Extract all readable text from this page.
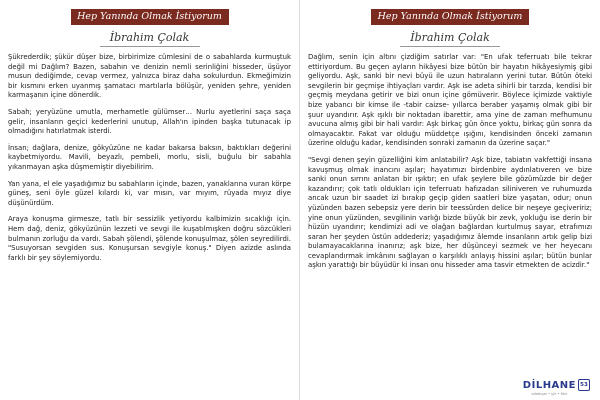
Hep Yanında Olmak İstiyorum
İbrahim Çolak

Şükrederdik; şükür düşer bize, birbirimize cümlesini de o sabahlarda kurmuştuk değil mi Dağlım? Bazen, sabahın ve denizin nemli serinliğini hisseder, üşüyor musun dediğimde, cevap vermez, yalnızca biraz daha sokulurdun. Ekmeğimizin bir kısmını erken uyanmış şamatacı martılarla bölüşür, yeniden şehre, yeniden karmaşanın içine dönerdik.

Sabah; yeryüzüne umutla, merhametle gülümser… Nurlu ayetlerini saça saça gelir, insanların geçici kederlerini unutup, Allah'ın ipinden başka tutunacak ip olmadığını hatırlatmak isterdi.

İnsan; dağlara, denize, gökyüzüne ne kadar bakarsa baksın, baktıkları değerini kaybetmiyordu. Mavili, beyazlı, pembeli, morlu, sisli, buğulu bir sabahla yıkanmayan aşka düşmemiştir diyebilirim.

Yan yana, el ele yaşadığımız bu sabahların içinde, bazen, yanaklarına vuran körpe güneş, seni öyle güzel kılardı ki, var mısın, var mıyım, rüyada mıyız diye düşünürdüm.

Araya konuşma girmesze, tatlı bir sessizlik yetiyordu kalbimizin sıcaklığı için. Hem dağ, deniz, gökyüzünün lezzeti ve sevgi ile kuşatılmışken doğru sözcükleri bulmanın zorluğu da vardı. Sabah şölendi, şölende konuşulmaz, şölen seyredilirdi. "Susuyorsan sevgiden sus. Konuşursan sevgiyle konuş." Diyen azizde aslında farklı bir şey söylemiyordu.

Hep Yanında Olmak İstiyorum
İbrahim Çolak

Dağlım, senin için altını çizdiğim satırlar var: "En ufak teferruatı bile tekrar ettiriyordum. Bu geçen ayların hikâyesi bize bütün bir hayatın hikâyesiymiş gibi geliyordu. Aşk, sanki bir nevi büyü ile uzun hatıraların yerini tutar. Bütün öteki sevgilerin bir geçmişe ihtiyaçları vardır. Aşk ise adeta sihirli bir tarzda, kendisi bir geçmiş meydana getirir ve bizi onun içine gömüverir. Böylece içimizde vaktiyle bize yabancı bir kimse ile -tabir caizse- yıllarca beraber yaşamış olmak gibi bir şuur uyandırır. Aşk ışıklı bir noktadan ibarettir, ama yine de zaman mefhumunu avucuna almış gibi bir hali vardır: Aşk birkaç gün önce yoktu, birkaç gün sonra da olmayacaktır. Fakat var olduğu müddetçe ışığını, kendisinden önceki zamanın üzerine olduğu kadar, kendisinden sonraki zamanın da üzerine saçar."

"Sevgi denen şeyin güzelliğini kim anlatabilir? Aşk bize, tabiatın vakfettiği insana kavuşmuş olmak inancını aşılar; hayatımızı birdenbire aydınlatıveren ve bize sanki onun sırrını anlatan bir ışıktır; en ufak şeylere bile gözümüzde bir değer kazandırır; çok tatlı oldukları için teferruatı hafızadan siliniveren ve ruhumuzda ancak uzun bir saadet izi bırakıp geçip giden saatleri bize yaşatan, odur; onun yüzünden bazen sebepsiz yere derin bir teessürden delice bir neşeye geçiveririz; yine onun yüzünden, sevgilinin varlığı bizde büyük bir zevk, yokluğu ise derin bir hüzün uyandırır; kendimizi adi ve olağan bağlardan kurtulmuş sayar, etrafımızı saran her şeyden üstün addederiz; yaşadığımız âlemde insanların artık gelip bizi bulamayacaklarına inanırız; aşk bize, her düşünceyi sezmek ve her heyecanı cevaplandırmak imkânını sağlayan o karşılıklı anlayış hissini aşılar; bütün bunlar aşkın yarattığı bir büyüdür ki insan onu hisseder ama tasvir etmekten de acizdir."

DİLHANE
edebiyat • şiir • fikir
53
